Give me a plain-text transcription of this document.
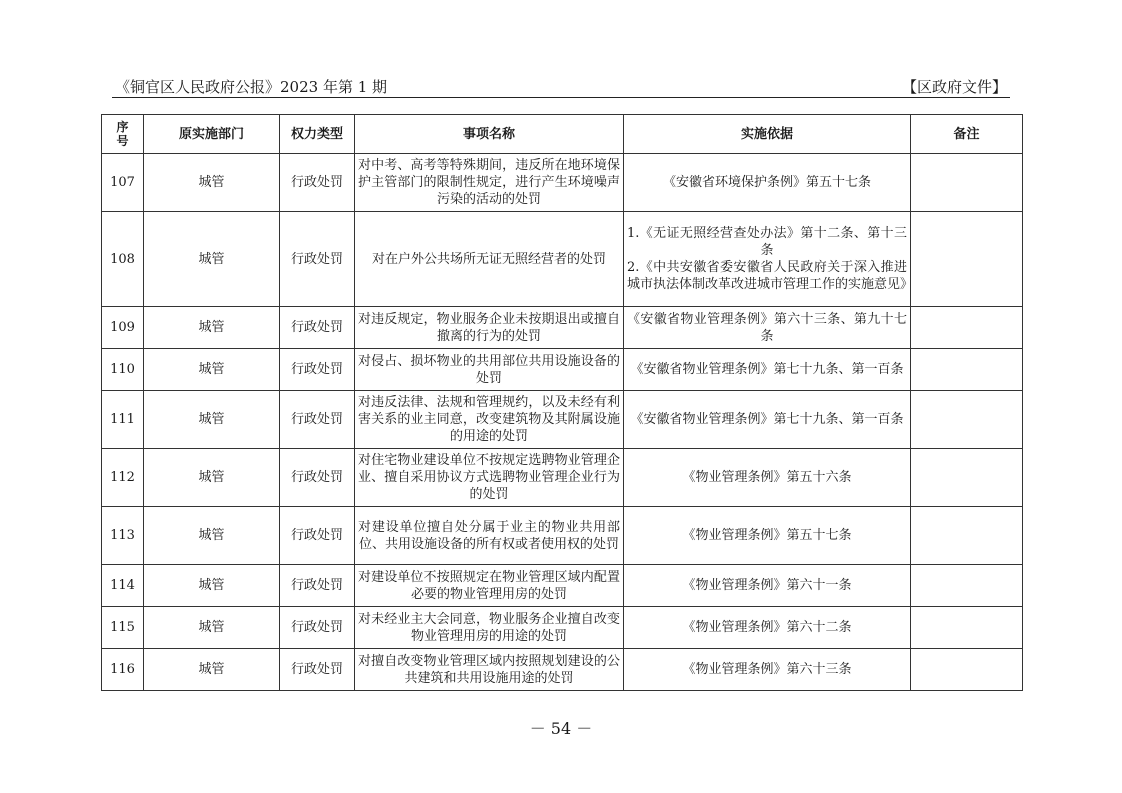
《铜官区人民政府公报》2023 年第 1 期	【区政府文件】
序号	原实施部门	权力类型	事项名称	实施依据	备注
107	城管	行政处罚	对中考、高考等特殊期间，违反所在地环境保护主管部门的限制性规定，进行产生环境噪声污染的活动的处罚	《安徽省环境保护条例》第五十七条	
108	城管	行政处罚	对在户外公共场所无证无照经营者的处罚	1.《无证无照经营查处办法》第十二条、第十三条
2.《中共安徽省委安徽省人民政府关于深入推进城市执法体制改革改进城市管理工作的实施意见》	
109	城管	行政处罚	对违反规定，物业服务企业未按期退出或擅自撤离的行为的处罚	《安徽省物业管理条例》第六十三条、第九十七条	
110	城管	行政处罚	对侵占、损坏物业的共用部位共用设施设备的处罚	《安徽省物业管理条例》第七十九条、第一百条	
111	城管	行政处罚	对违反法律、法规和管理规约，以及未经有利害关系的业主同意，改变建筑物及其附属设施的用途的处罚	《安徽省物业管理条例》第七十九条、第一百条	
112	城管	行政处罚	对住宅物业建设单位不按规定选聘物业管理企业、擅自采用协议方式选聘物业管理企业行为的处罚	《物业管理条例》第五十六条	
113	城管	行政处罚	对建设单位擅自处分属于业主的物业共用部位、共用设施设备的所有权或者使用权的处罚	《物业管理条例》第五十七条	
114	城管	行政处罚	对建设单位不按照规定在物业管理区域内配置必要的物业管理用房的处罚	《物业管理条例》第六十一条	
115	城管	行政处罚	对未经业主大会同意，物业服务企业擅自改变物业管理用房的用途的处罚	《物业管理条例》第六十二条	
116	城管	行政处罚	对擅自改变物业管理区域内按照规划建设的公共建筑和共用设施用途的处罚	《物业管理条例》第六十三条	
－ 54 －
